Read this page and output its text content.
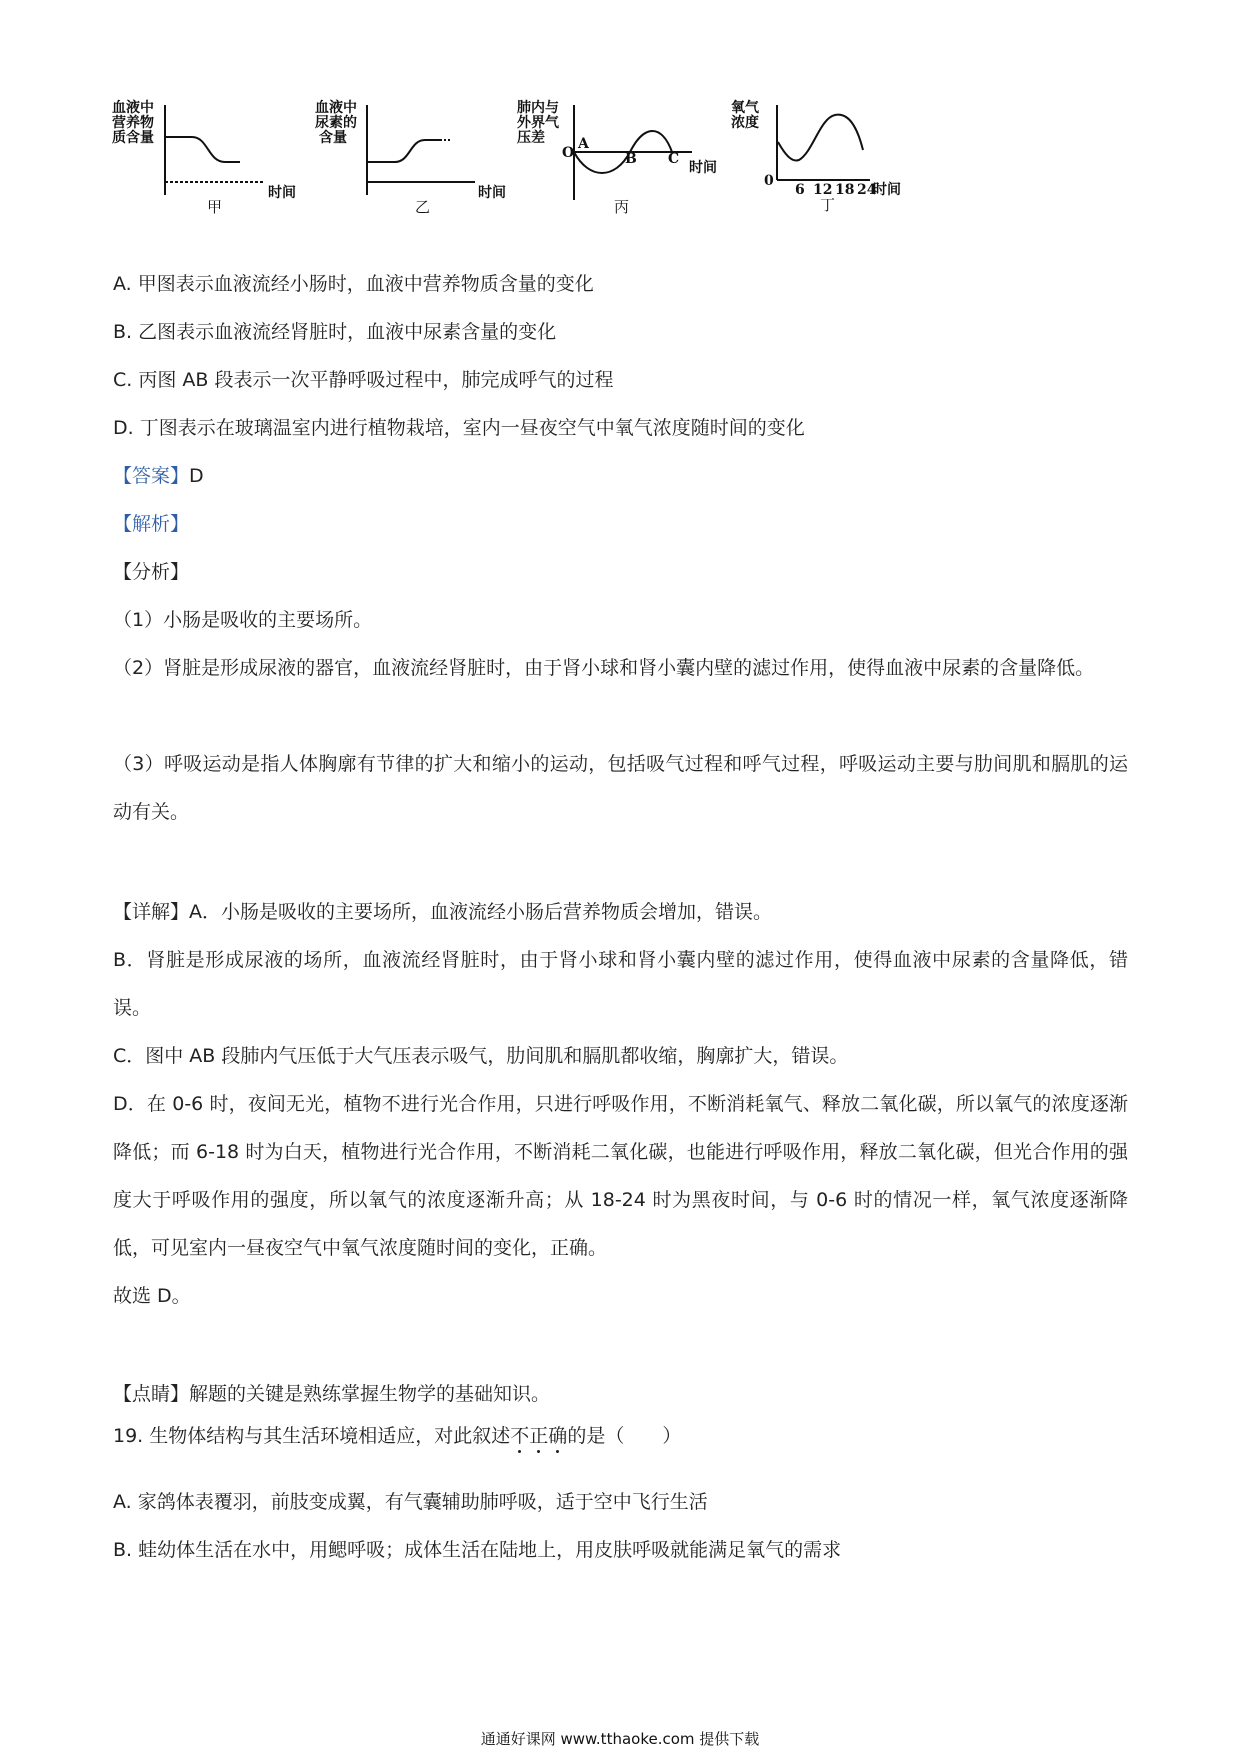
血液中
营养物
质含量
时间
甲
血液中
尿素的
含量
时间
乙
肺内与
外界气
压差
O
A
B C
时间
丙
氧气
浓度
0
6 12 18 24
时间
丁
A. 甲图表示血液流经小肠时，血液中营养物质含量的变化
B. 乙图表示血液流经肾脏时，血液中尿素含量的变化
C. 丙图 AB 段表示一次平静呼吸过程中，肺完成呼气的过程
D. 丁图表示在玻璃温室内进行植物栽培，室内一昼夜空气中氧气浓度随时间的变化
【答案】D
【解析】
【分析】
（1）小肠是吸收的主要场所。
（2）肾脏是形成尿液的器官，血液流经肾脏时，由于肾小球和肾小囊内壁的滤过作用，使得血液中尿素的含量降低。
（3）呼吸运动是指人体胸廓有节律的扩大和缩小的运动，包括吸气过程和呼气过程，呼吸运动主要与肋间肌和膈肌的运动有关。
【详解】A．小肠是吸收的主要场所，血液流经小肠后营养物质会增加，错误。
B．肾脏是形成尿液的场所，血液流经肾脏时，由于肾小球和肾小囊内壁的滤过作用，使得血液中尿素的含量降低，错误。
C．图中 AB 段肺内气压低于大气压表示吸气，肋间肌和膈肌都收缩，胸廓扩大，错误。
D．在 0-6 时，夜间无光，植物不进行光合作用，只进行呼吸作用，不断消耗氧气、释放二氧化碳，所以氧气的浓度逐渐降低；而 6-18 时为白天，植物进行光合作用，不断消耗二氧化碳，也能进行呼吸作用，释放二氧化碳，但光合作用的强度大于呼吸作用的强度，所以氧气的浓度逐渐升高；从 18-24 时为黑夜时间，与 0-6 时的情况一样，氧气浓度逐渐降低，可见室内一昼夜空气中氧气浓度随时间的变化，正确。
故选 D。
【点睛】解题的关键是熟练掌握生物学的基础知识。
19. 生物体结构与其生活环境相适应，对此叙述不
正
确
的是（　　）
A. 家鸽体表覆羽，前肢变成翼，有气囊辅助肺呼吸，适于空中飞行生活
B. 蛙幼体生活在水中，用鳃呼吸；成体生活在陆地上，用皮肤呼吸就能满足氧气的需求
通通好课网 www.tthaoke.com 提供下载
